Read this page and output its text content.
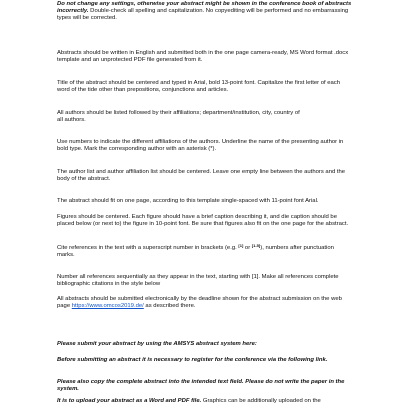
Do not change any settings, otherwise your abstract might be shown in the conference book of abstracts incorrectly. Double-check all spelling and capitalization. No copyediting will be performed and no embarrassing types will be corrected.

Abstracts should be written in English and submitted both in the one page camera-ready, MS Word format .docx template and an unprotected PDF file generated from it.

Title of the abstract should be centered and typed in Arial, bold 13-point font. Capitalize the first letter of each word of the tide other than prepositions, conjunctions and articles.

All authors should be listed followed by their affiliations; department/institution, city, country of all authors.

Use numbers to indicate the different affiliations of the authors. Underline the name of the presenting author in bold type. Mark the corresponding author with an asterisk (*).

The author list and author affiliation list should be centered. Leave one empty line between the authors and the body of the abstract.

The abstract should fit on one page, according to this template single-spaced with 11-point font Arial.

Figures should be centered. Each figure should have a brief caption describing it, and die caption should be placed below (or next to) the figure in 10-point font. Be sure that figures also fit on the one page for the abstract.

Cite references in the text with a superscript number in brackets (e.g. [1] or [1-5]), numbers after punctuation marks.

Number all references sequentially as they appear in the text, starting with [1]. Make all references complete bibliographic citations in the style below

All abstracts should be submitted electronically by the deadline shown for the abstract submission on the web page https://www.omcos2019.de/ as described there.

Please submit your abstract by using the AMSYS abstract system here:

Before submitting an abstract it is necessary to register for the conference via the following link.

Please also copy the complete abstract into the intended text field. Please do not write the paper in the system.

It is to upload your abstract as a Word and PDF file. Graphics can be additionally uploaded on the
